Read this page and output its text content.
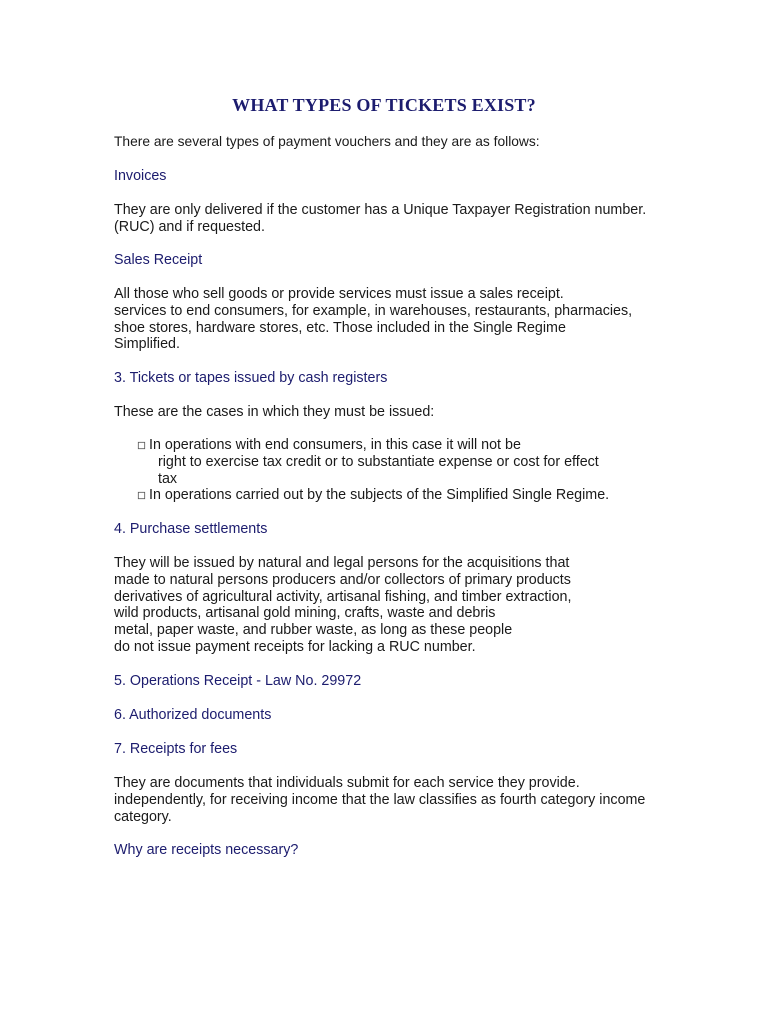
WHAT TYPES OF TICKETS EXIST?
There are several types of payment vouchers and they are as follows:
Invoices
They are only delivered if the customer has a Unique Taxpayer Registration number.
(RUC) and if requested.
Sales Receipt
All those who sell goods or provide services must issue a sales receipt.
services to end consumers, for example, in warehouses, restaurants, pharmacies,
shoe stores, hardware stores, etc. Those included in the Single Regime
Simplified.
3. Tickets or tapes issued by cash registers
These are the cases in which they must be issued:
In operations with end consumers, in this case it will not be
right to exercise tax credit or to substantiate expense or cost for effect
tax
In operations carried out by the subjects of the Simplified Single Regime.
4. Purchase settlements
They will be issued by natural and legal persons for the acquisitions that
made to natural persons producers and/or collectors of primary products
derivatives of agricultural activity, artisanal fishing, and timber extraction,
wild products, artisanal gold mining, crafts, waste and debris
metal, paper waste, and rubber waste, as long as these people
do not issue payment receipts for lacking a RUC number.
5. Operations Receipt - Law No. 29972
6. Authorized documents
7. Receipts for fees
They are documents that individuals submit for each service they provide.
independently, for receiving income that the law classifies as fourth category income
category.
Why are receipts necessary?
